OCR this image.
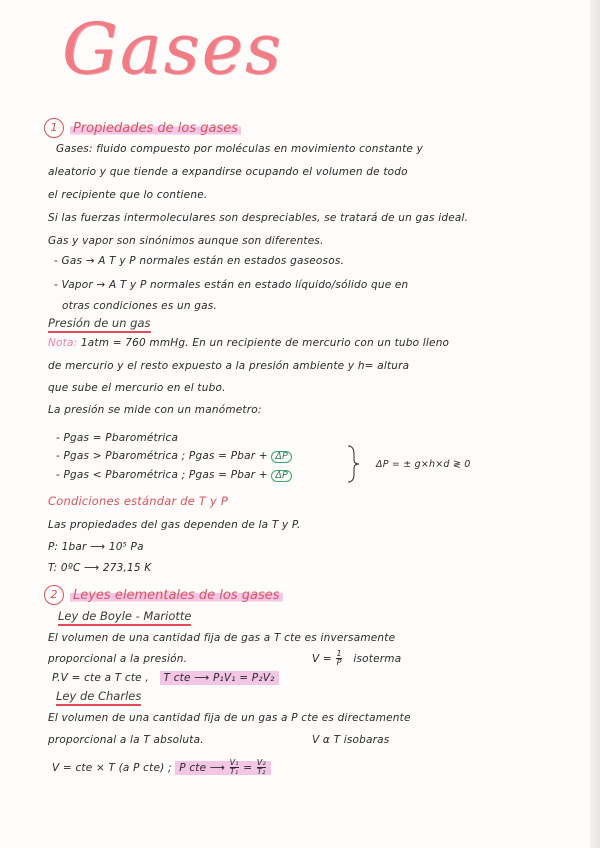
Gases
1 Propiedades de los gases
Gases: fluido compuesto por moléculas en movimiento constante y
aleatorio y que tiende a expandirse ocupando el volumen de todo
el recipiente que lo contiene.
Si las fuerzas intermoleculares son despreciables, se tratará de un gas ideal.
Gas y vapor son sinónimos aunque son diferentes.
- Gas → A T y P normales están en estados gaseosos.
- Vapor → A T y P normales están en estado líquido/sólido que en
otras condiciones es un gas.
Presión de un gas
Nota: 1atm = 760 mmHg. En un recipiente de mercurio con un tubo lleno
de mercurio y el resto expuesto a la presión ambiente y h= altura
que sube el mercurio en el tubo.
La presión se mide con un manómetro:
- Pgas = Pbarométrica
- Pgas > Pbarométrica ; Pgas = Pbar + ΔP
- Pgas < Pbarométrica ; Pgas = Pbar + ΔP
ΔP = ± g×h×d ≷ 0
Condiciones estándar de T y P
Las propiedades del gas dependen de la T y P.
P: 1bar ⟶ 10⁵ Pa
T: 0ºC ⟶ 273,15 K
2 Leyes elementales de los gases
Ley de Boyle - Mariotte
El volumen de una cantidad fija de gas a T cte es inversamente
proporcional a la presión.	$V = \frac{1}{P}$ isoterma
P.V = cte a T cte , T cte ⟶ P₁V₁ = P₂V₂
Ley de Charles
El volumen de una cantidad fija de un gas a P cte es directamente
proporcional a la T absoluta.	V α T isobaras
V = cte × T (a P cte) ; P cte ⟶ $\frac{\text{V₁}}{\text{T₁}} = \frac{\text{V₂}}{\text{T₂}}$
